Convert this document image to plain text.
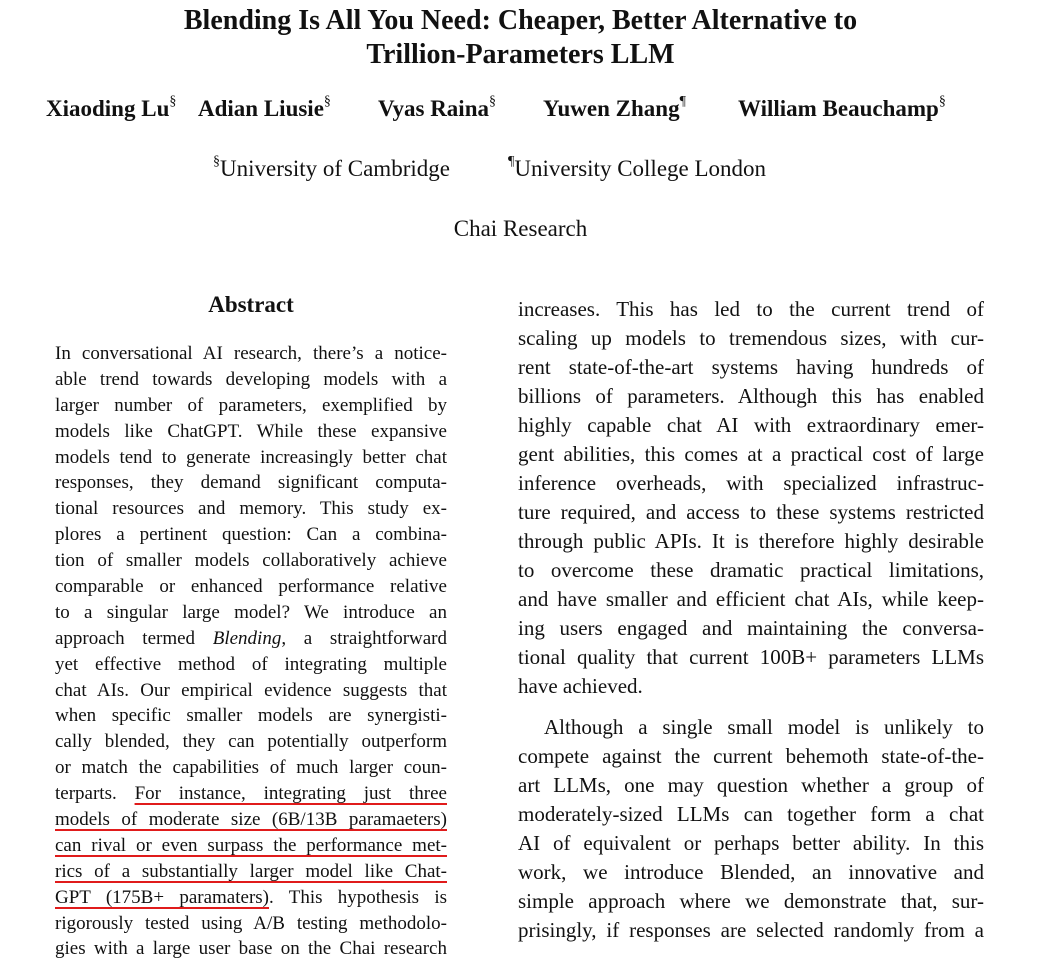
Blending Is All You Need: Cheaper, Better Alternative to
Trillion-Parameters LLM
Xiaoding Lu§ Adian Liusie§ Vyas Raina§ Yuwen Zhang¶ William Beauchamp§
§University of Cambridge	¶University College London
Chai Research
Abstract
In conversational AI research, there’s a notice-
able trend towards developing models with a
larger number of parameters, exemplified by
models like ChatGPT. While these expansive
models tend to generate increasingly better chat
responses, they demand significant computa-
tional resources and memory. This study ex-
plores a pertinent question: Can a combina-
tion of smaller models collaboratively achieve
comparable or enhanced performance relative
to a singular large model? We introduce an
approach termed Blending, a straightforward
yet effective method of integrating multiple
chat AIs. Our empirical evidence suggests that
when specific smaller models are synergisti-
cally blended, they can potentially outperform
or match the capabilities of much larger coun-
terparts. For instance, integrating just three
models of moderate size (6B/13B paramaeters)
can rival or even surpass the performance met-
rics of a substantially larger model like Chat-
GPT (175B+ paramaters). This hypothesis is
rigorously tested using A/B testing methodolo-
gies with a large user base on the Chai research
increases. This has led to the current trend of
scaling up models to tremendous sizes, with cur-
rent state-of-the-art systems having hundreds of
billions of parameters. Although this has enabled
highly capable chat AI with extraordinary emer-
gent abilities, this comes at a practical cost of large
inference overheads, with specialized infrastruc-
ture required, and access to these systems restricted
through public APIs. It is therefore highly desirable
to overcome these dramatic practical limitations,
and have smaller and efficient chat AIs, while keep-
ing users engaged and maintaining the conversa-
tional quality that current 100B+ parameters LLMs
have achieved.
Although a single small model is unlikely to
compete against the current behemoth state-of-the-
art LLMs, one may question whether a group of
moderately-sized LLMs can together form a chat
AI of equivalent or perhaps better ability. In this
work, we introduce Blended, an innovative and
simple approach where we demonstrate that, sur-
prisingly, if responses are selected randomly from a
